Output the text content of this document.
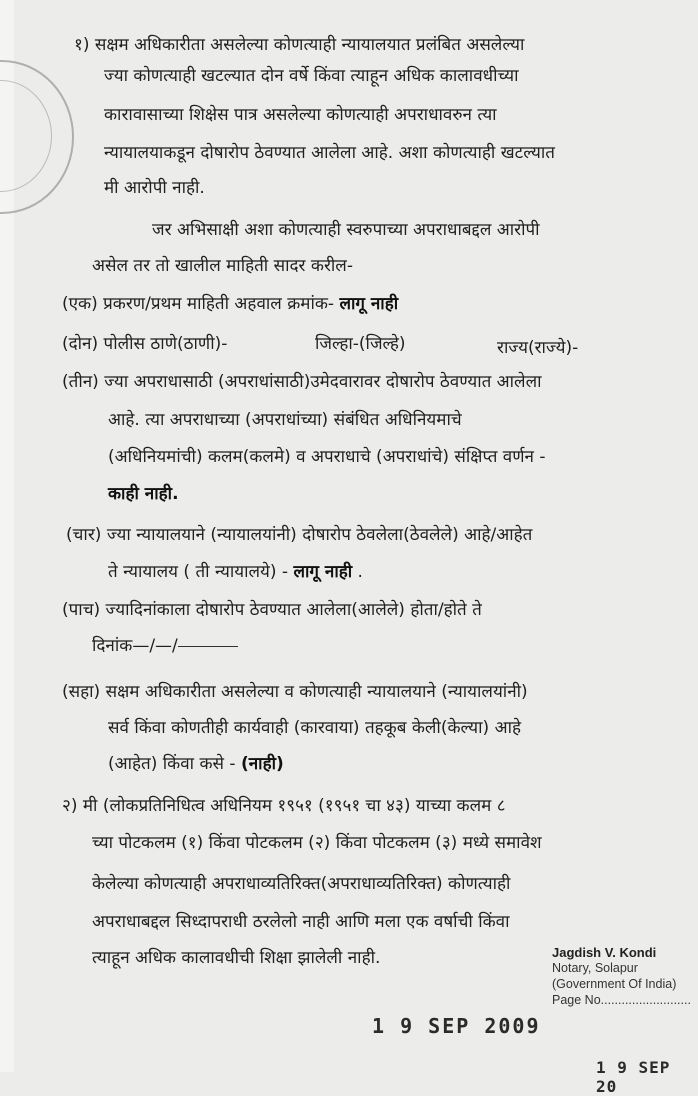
१) सक्षम अधिकारीता असलेल्या कोणत्याही न्यायालयात प्रलंबित असलेल्या
ज्या कोणत्याही खटल्यात दोन वर्षे किंवा त्याहून अधिक कालावधीच्या
कारावासाच्या शिक्षेस पात्र असलेल्या कोणत्याही अपराधावरुन त्या
न्यायालयाकडून दोषारोप ठेवण्यात आलेला आहे. अशा कोणत्याही खटल्यात
मी आरोपी नाही.
जर अभिसाक्षी अशा कोणत्याही स्वरुपाच्या अपराधाबद्दल आरोपी
असेल तर तो खालील माहिती सादर करील-
(एक) प्रकरण/प्रथम माहिती अहवाल क्रमांक- लागू नाही
(दोन) पोलीस ठाणे(ठाणी)-	जिल्हा-(जिल्हे)	राज्य(राज्ये)-
(तीन) ज्या अपराधासाठी (अपराधांसाठी)उमेदवारावर दोषारोप ठेवण्यात आलेला
आहे. त्या अपराधाच्या (अपराधांच्या) संबंधित अधिनियमाचे
(अधिनियमांची) कलम(कलमे) व अपराधाचे (अपराधांचे) संक्षिप्त वर्णन -
काही नाही.
(चार) ज्या न्यायालयाने (न्यायालयांनी) दोषारोप ठेवलेला(ठेवलेले) आहे/आहेत
ते न्यायालय ( ती न्यायालये) - लागू नाही .
(पाच) ज्यादिनांकाला दोषारोप ठेवण्यात आलेला(आलेले) होता/होते ते
दिनांक—/—/
(सहा) सक्षम अधिकारीता असलेल्या व कोणत्याही न्यायालयाने (न्यायालयांनी)
सर्व किंवा कोणतीही कार्यवाही (कारवाया) तहकूब केली(केल्या) आहे
(आहेत) किंवा कसे - (नाही)
२) मी (लोकप्रतिनिधित्व अधिनियम १९५१ (१९५१ चा ४३) याच्या कलम ८
च्या पोटकलम (१) किंवा पोटकलम (२) किंवा पोटकलम (३) मध्ये समावेश
केलेल्या कोणत्याही अपराधाव्यतिरिक्त(अपराधाव्यतिरिक्त) कोणत्याही
अपराधाबद्दल सिध्दापराधी ठरलेलो नाही आणि मला एक वर्षाची किंवा
त्याहून अधिक कालावधीची शिक्षा झालेली नाही.	Jagdish V. Kondi
Notary, Solapur
(Government Of India)
Page No..........................
1 9 SEP 2009
1 9 SEP 20
